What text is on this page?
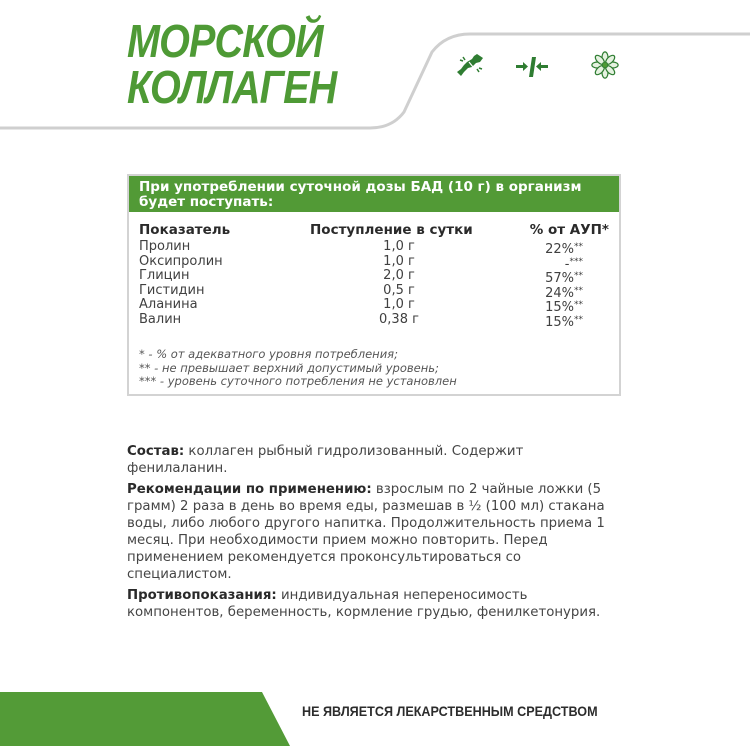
МОРСКОЙ
КОЛЛАГЕН
При употреблении суточной дозы БАД (10 г) в организм будет поступать:
Показатель	Поступление в сутки	% от АУП*
Пролин	1,0 г	22%**
Оксипролин	1,0 г	-***
Глицин	2,0 г	57%**
Гистидин	0,5 г	24%**
Аланина	1,0 г	15%**
Валин	0,38 г	15%**
* - % от адекватного уровня потребления;
** - не превышает верхний допустимый уровень;
*** - уровень суточного потребления не установлен

Состав: коллаген рыбный гидролизованный. Содержит фенилаланин.

Рекомендации по применению: взрослым по 2 чайные ложки (5 грамм) 2 раза в день во время еды, размешав в ½ (100 мл) стакана воды, либо любого другого напитка. Продолжительность приема 1 месяц. При необходимости прием можно повторить. Перед применением рекомендуется проконсультироваться со специалистом.

Противопоказания: индивидуальная непереносимость компонентов, беременность, кормление грудью, фенилкетонурия.

НЕ ЯВЛЯЕТСЯ ЛЕКАРСТВЕННЫМ СРЕДСТВОМ
